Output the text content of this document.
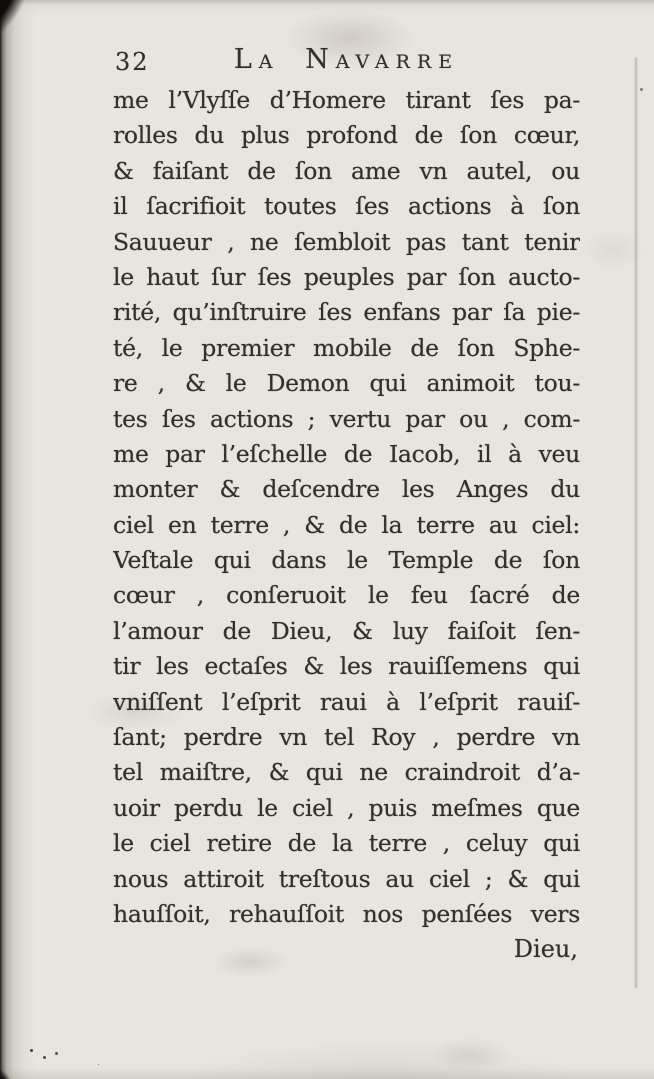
32	La Navarre
me l’Vlyſſe d’Homere tirant ſes pa-
rolles du plus profond de ſon cœur,
& faiſant de ſon ame vn autel, ou
il ſacrifioit toutes ſes actions à ſon
Sauueur , ne ſembloit pas tant tenir
le haut ſur ſes peuples par ſon aucto-
rité, qu’inſtruire ſes enfans par ſa pie-
té, le premier mobile de ſon Sphe-
re , & le Demon qui animoit tou-
tes ſes actions ; vertu par ou , com-
me par l’eſchelle de Iacob, il à veu
monter & deſcendre les Anges du
ciel en terre , & de la terre au ciel:
Veſtale qui dans le Temple de ſon
cœur , conſeruoit le feu ſacré de
l’amour de Dieu, & luy faiſoit ſen-
tir les ectaſes & les rauiſſemens qui
vniſſent l’eſprit raui à l’eſprit rauiſ-
ſant; perdre vn tel Roy , perdre vn
tel maiſtre, & qui ne craindroit d’a-
uoir perdu le ciel , puis meſmes que
le ciel retire de la terre , celuy qui
nous attiroit treſtous au ciel ; & qui
hauſſoit, rehauſſoit nos penſées vers
Dieu,
